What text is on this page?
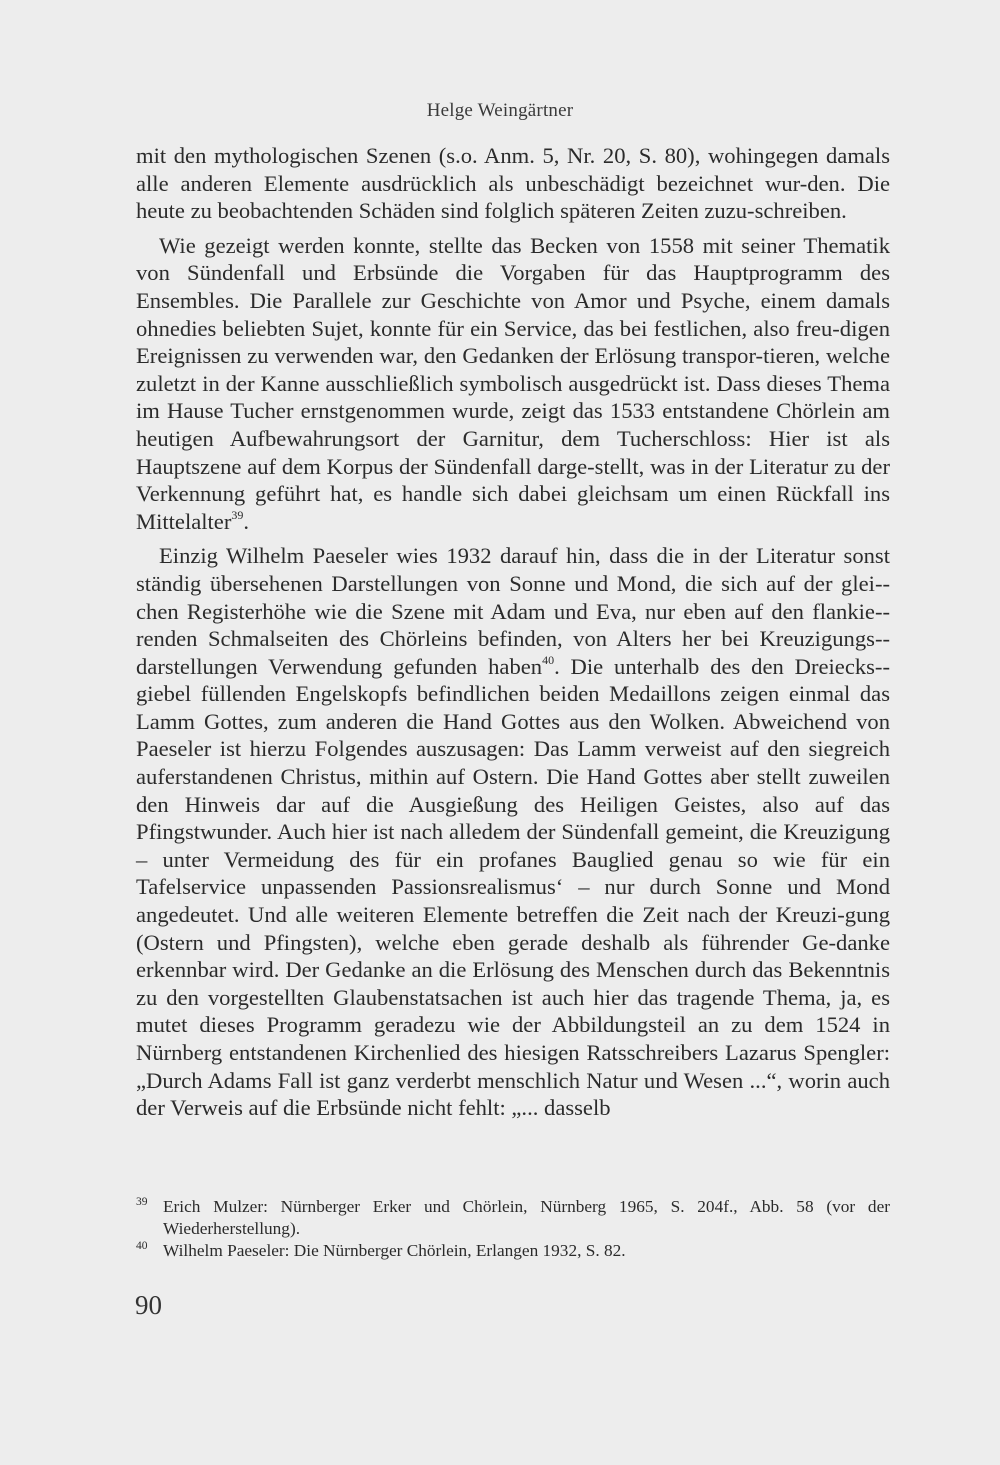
Helge Weingärtner

mit den mythologischen Szenen (s.o. Anm. 5, Nr. 20, S. 80), wohingegen damals alle anderen Elemente ausdrücklich als unbeschädigt bezeichnet wur-den. Die heute zu beobachtenden Schäden sind folglich späteren Zeiten zuzu-schreiben.

Wie gezeigt werden konnte, stellte das Becken von 1558 mit seiner Thematik von Sündenfall und Erbsünde die Vorgaben für das Hauptprogramm des Ensembles. Die Parallele zur Geschichte von Amor und Psyche, einem damals ohnedies beliebten Sujet, konnte für ein Service, das bei festlichen, also freu-digen Ereignissen zu verwenden war, den Gedanken der Erlösung transpor-tieren, welche zuletzt in der Kanne ausschließlich symbolisch ausgedrückt ist. Dass dieses Thema im Hause Tucher ernstgenommen wurde, zeigt das 1533 entstandene Chörlein am heutigen Aufbewahrungsort der Garnitur, dem Tucherschloss: Hier ist als Hauptszene auf dem Korpus der Sündenfall darge-stellt, was in der Literatur zu der Verkennung geführt hat, es handle sich dabei gleichsam um einen Rückfall ins Mittelalter$^{39}$.

Einzig Wilhelm Paeseler wies 1932 darauf hin, dass die in der Literatur sonst ständig übersehenen Darstellungen von Sonne und Mond, die sich auf der glei-chen Registerhöhe wie die Szene mit Adam und Eva, nur eben auf den flankie-renden Schmalseiten des Chörleins befinden, von Alters her bei Kreuzigungs-darstellungen Verwendung gefunden haben$^{40}$. Die unterhalb des den Dreiecks-giebel füllenden Engelskopfs befindlichen beiden Medaillons zeigen einmal das Lamm Gottes, zum anderen die Hand Gottes aus den Wolken. Abweichend von Paeseler ist hierzu Folgendes auszusagen: Das Lamm verweist auf den siegreich auferstandenen Christus, mithin auf Ostern. Die Hand Gottes aber stellt zuweilen den Hinweis dar auf die Ausgießung des Heiligen Geistes, also auf das Pfingstwunder. Auch hier ist nach alledem der Sündenfall gemeint, die Kreuzigung – unter Vermeidung des für ein profanes Bauglied genau so wie für ein Tafelservice unpassenden Passionsrealismus‘ – nur durch Sonne und Mond angedeutet. Und alle weiteren Elemente betreffen die Zeit nach der Kreuzi-gung (Ostern und Pfingsten), welche eben gerade deshalb als führender Ge-danke erkennbar wird. Der Gedanke an die Erlösung des Menschen durch das Bekenntnis zu den vorgestellten Glaubenstatsachen ist auch hier das tragende Thema, ja, es mutet dieses Programm geradezu wie der Abbildungsteil an zu dem 1524 in Nürnberg entstandenen Kirchenlied des hiesigen Ratsschreibers Lazarus Spengler: „Durch Adams Fall ist ganz verderbt menschlich Natur und Wesen ...“, worin auch der Verweis auf die Erbsünde nicht fehlt: „... dasselb

39 Erich Mulzer: Nürnberger Erker und Chörlein, Nürnberg 1965, S. 204f., Abb. 58 (vor der Wiederherstellung).
40 Wilhelm Paeseler: Die Nürnberger Chörlein, Erlangen 1932, S. 82.
90
